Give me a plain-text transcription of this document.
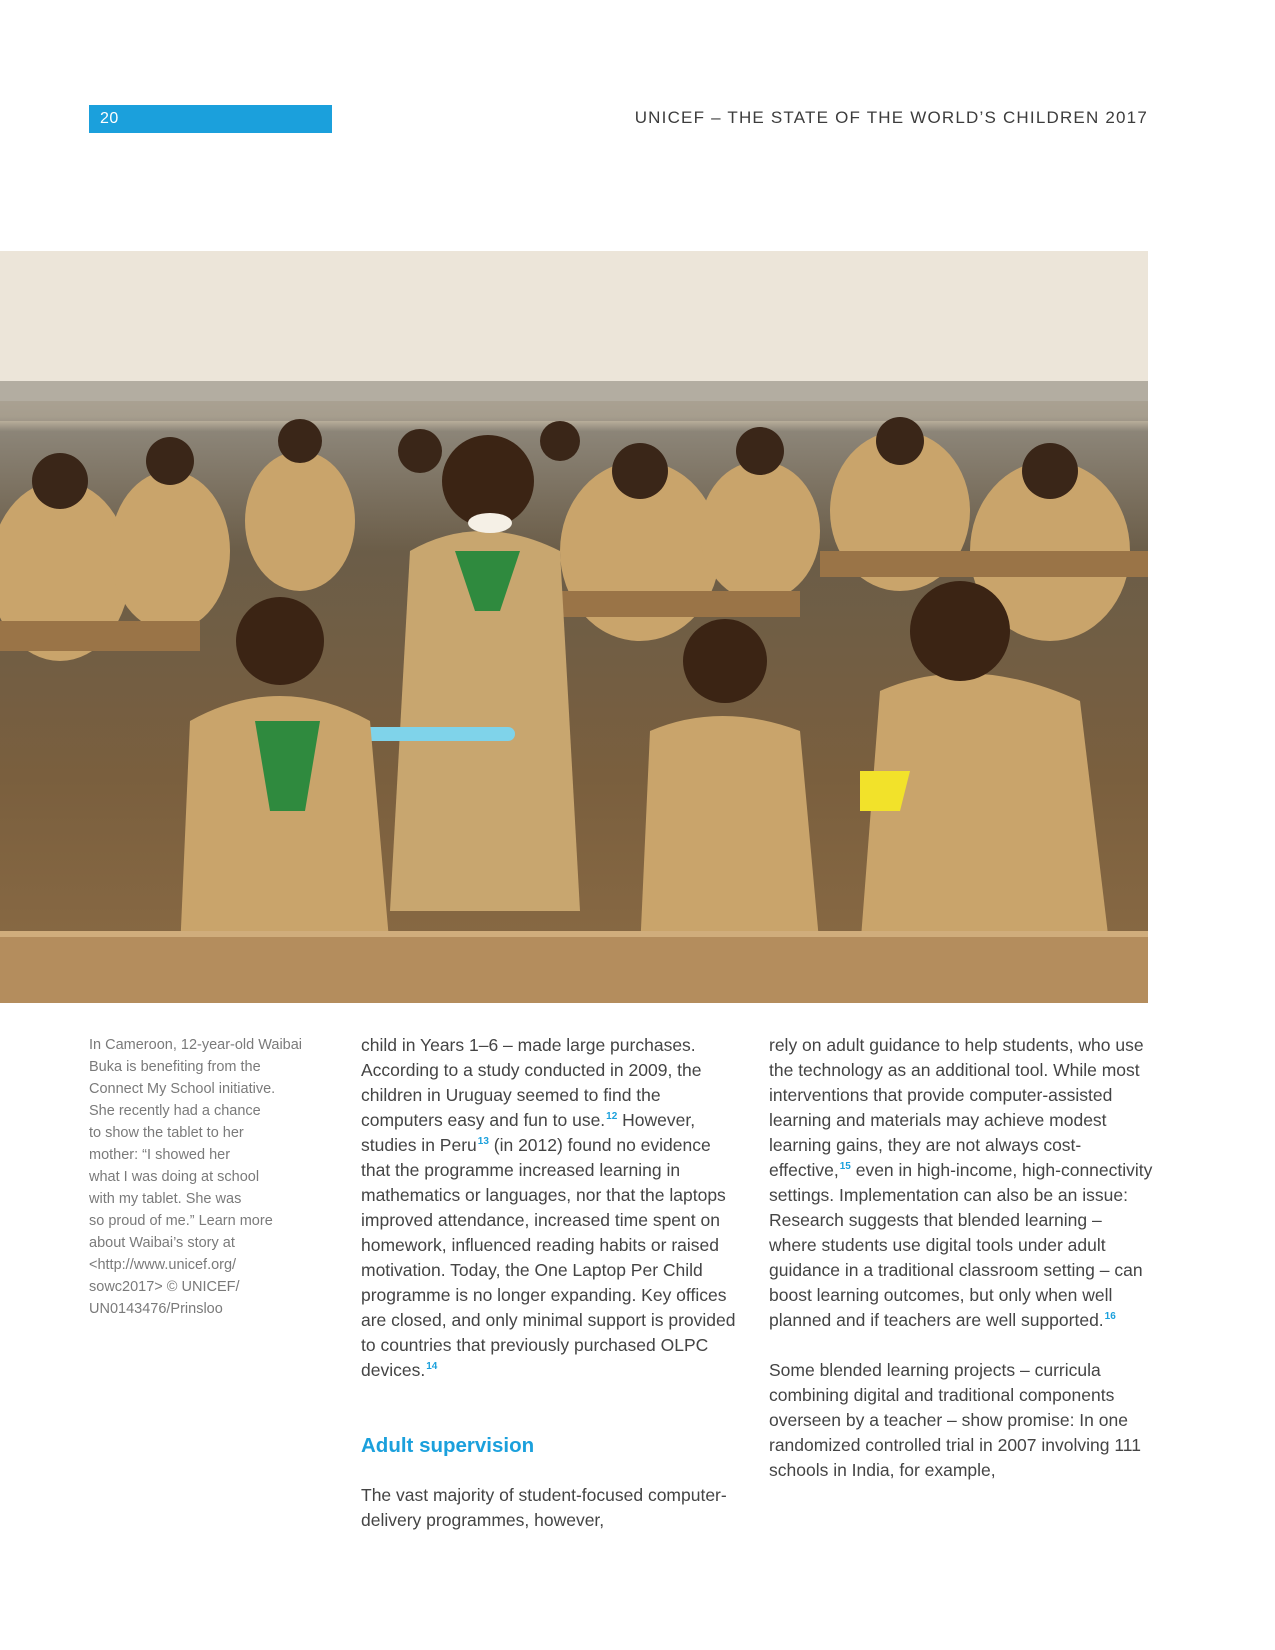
20	UNICEF – THE STATE OF THE WORLD’S CHILDREN 2017
In Cameroon, 12-year-old Waibai
Buka is benefiting from the
Connect My School initiative.
She recently had a chance
to show the tablet to her
mother: “I showed her
what I was doing at school
with my tablet. She was
so proud of me.” Learn more
about Waibai’s story at
<http://www.unicef.org/
sowc2017> © UNICEF/
UN0143476/Prinsloo

child in Years 1–6 – made large purchases. According to a study conducted in 2009, the children in Uruguay seemed to find the computers easy and fun to use.$^{12}$ However, studies in Peru$^{13}$ (in 2012) found no evidence that the programme increased learning in mathematics or languages, nor that the laptops improved attendance, increased time spent on homework, influenced reading habits or raised motivation. Today, the One Laptop Per Child programme is no longer expanding. Key offices are closed, and only minimal support is provided to countries that previously purchased OLPC devices.$^{14}$

Adult supervision

The vast majority of student-focused computer-delivery programmes, however,

rely on adult guidance to help students, who use the technology as an additional tool. While most interventions that provide computer-assisted learning and materials may achieve modest learning gains, they are not always cost-effective,$^{15}$ even in high-income, high-connectivity settings. Implementation can also be an issue: Research suggests that blended learning – where students use digital tools under adult guidance in a traditional classroom setting – can boost learning outcomes, but only when well planned and if teachers are well supported.$^{16}$

Some blended learning projects – curricula combining digital and traditional components overseen by a teacher – show promise: In one randomized controlled trial in 2007 involving 111 schools in India, for example,
